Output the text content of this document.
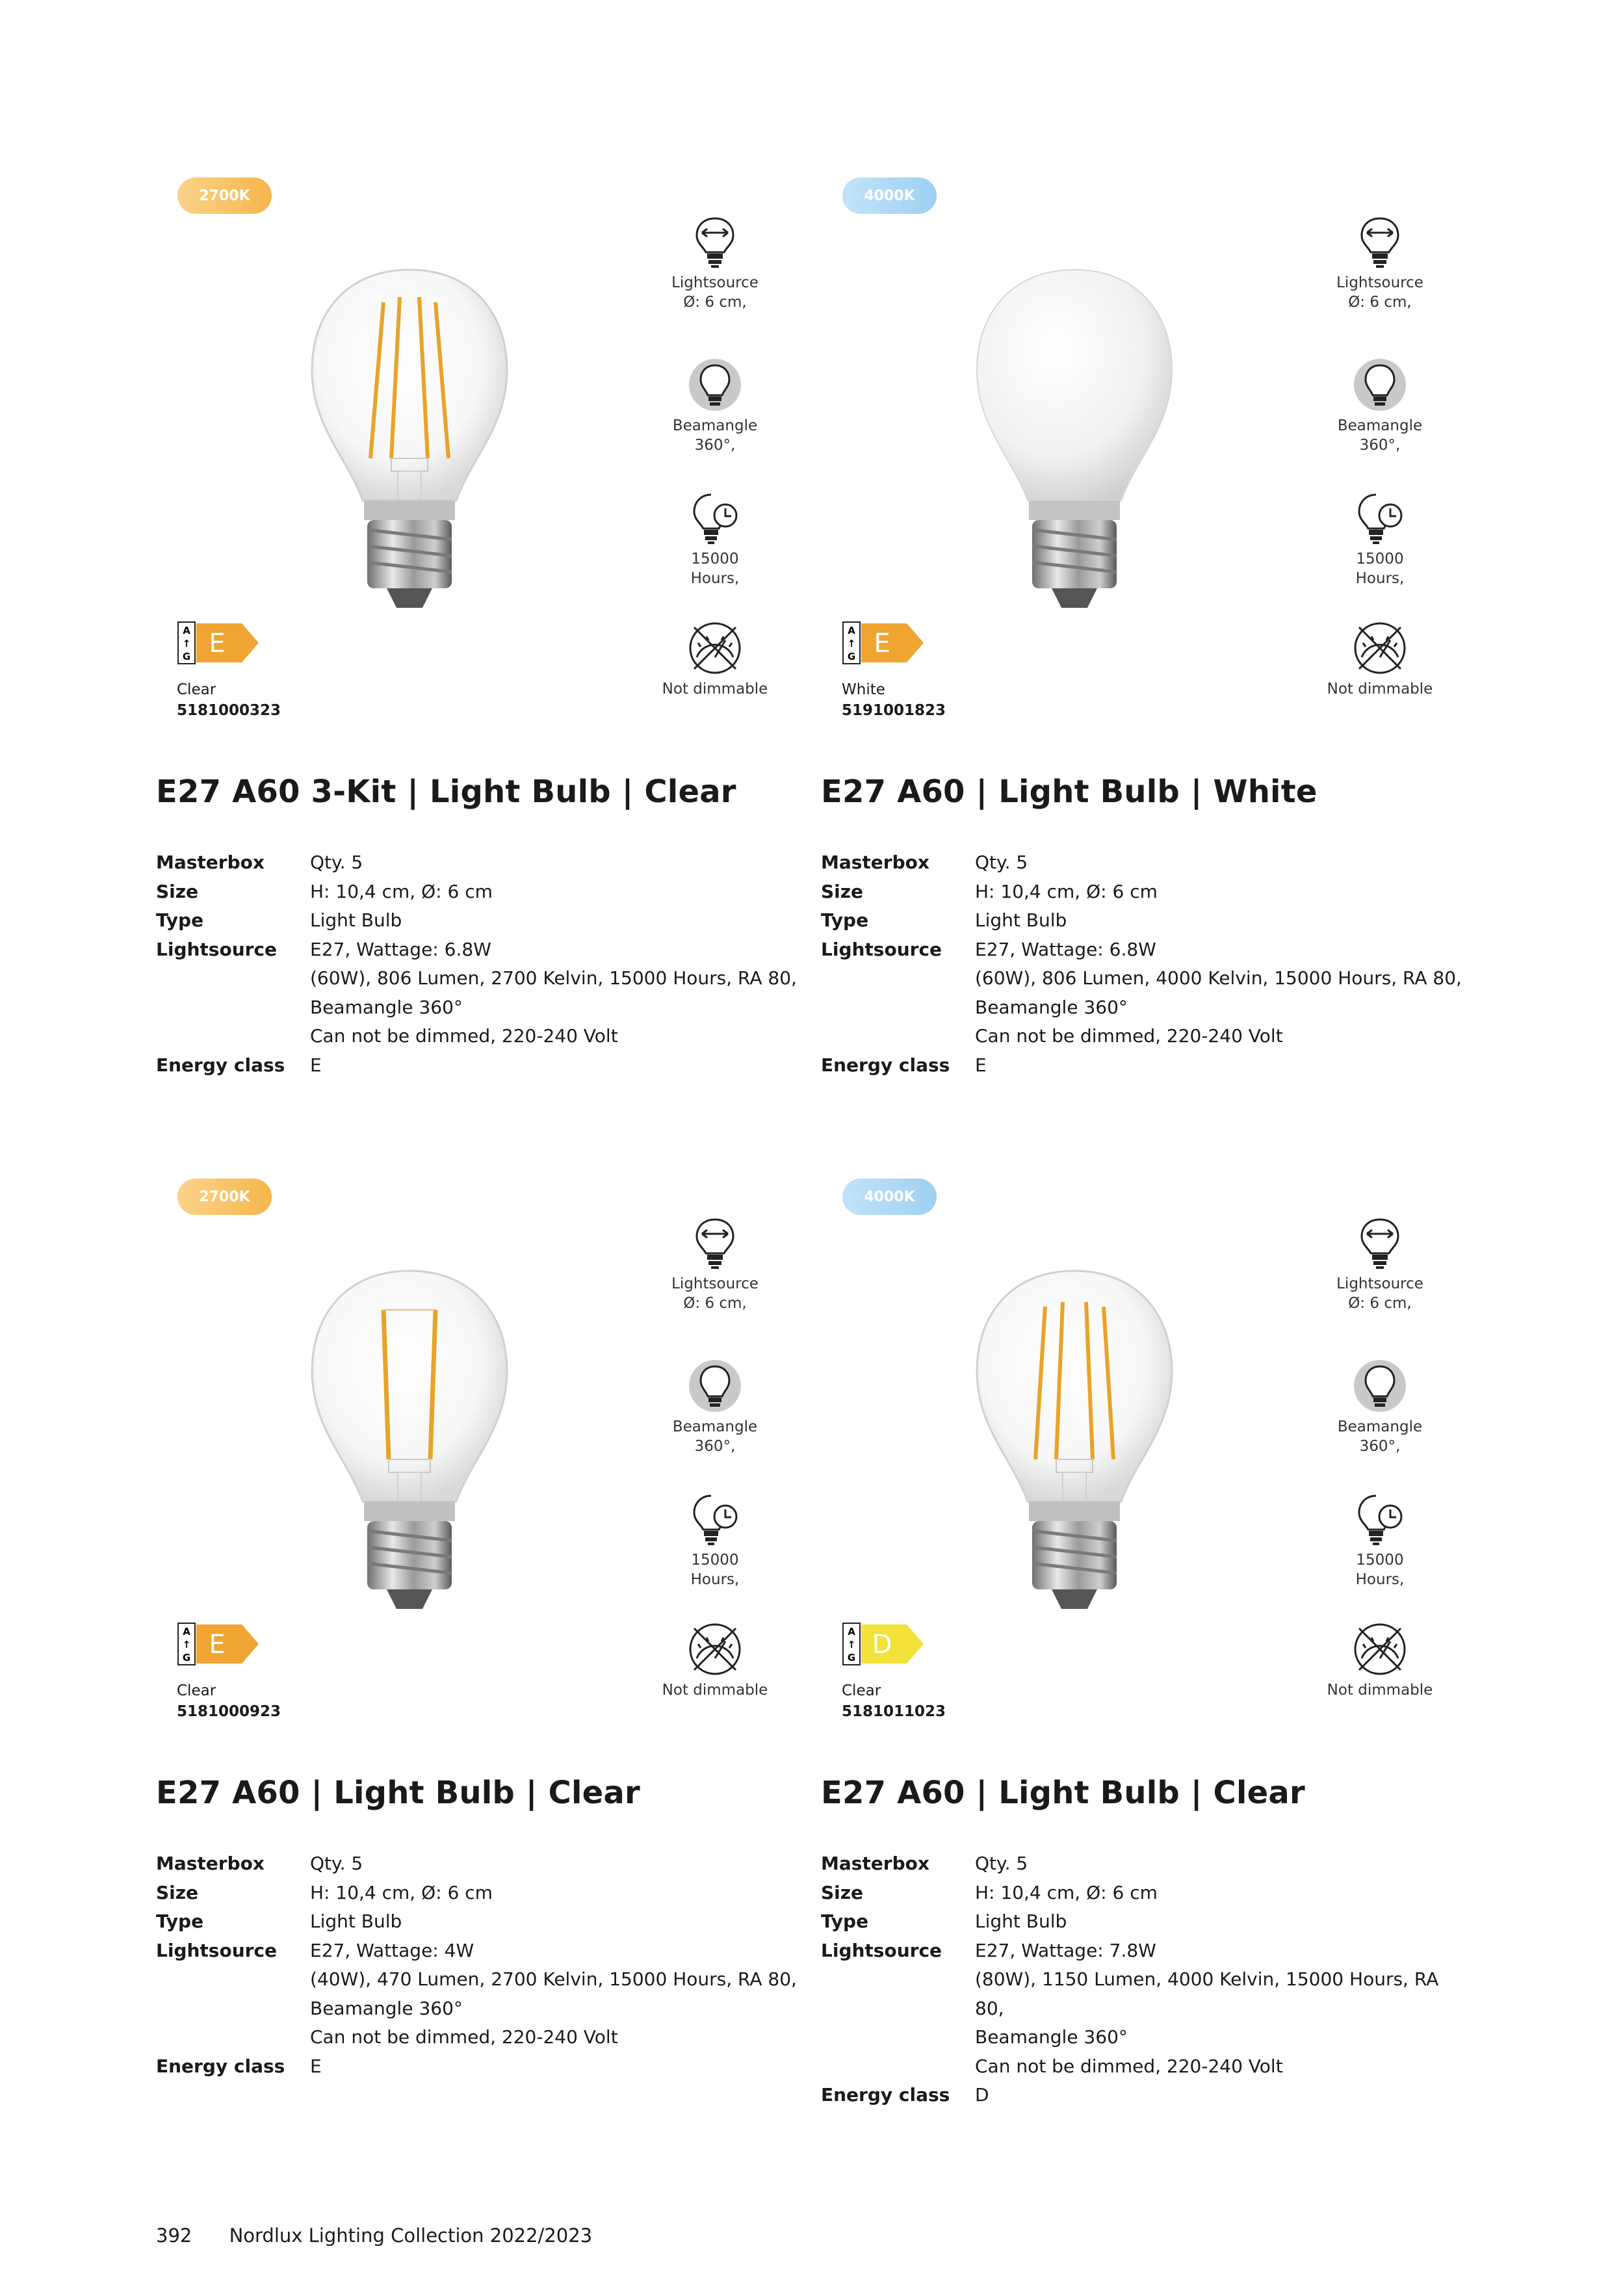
2700K
Lightsource
Ø: 6 cm,
Beamangle
360°,
15000
Hours,
Not dimmable
A
↑
G E
Clear
5181000323
E27 A60 3-Kit | Light Bulb | Clear
Masterbox	Qty. 5
Size	H: 10,4 cm, Ø: 6 cm
Type	Light Bulb
Lightsource	E27, Wattage: 6.8W
(60W), 806 Lumen, 2700 Kelvin, 15000 Hours, RA 80,
Beamangle 360°
Can not be dimmed, 220-240 Volt
Energy class	E
4000K
Lightsource
Ø: 6 cm,
Beamangle
360°,
15000
Hours,
Not dimmable
A
↑
G E
White
5191001823
E27 A60 | Light Bulb | White
Masterbox	Qty. 5
Size	H: 10,4 cm, Ø: 6 cm
Type	Light Bulb
Lightsource	E27, Wattage: 6.8W
(60W), 806 Lumen, 4000 Kelvin, 15000 Hours, RA 80,
Beamangle 360°
Can not be dimmed, 220-240 Volt
Energy class	E
2700K
Lightsource
Ø: 6 cm,
Beamangle
360°,
15000
Hours,
Not dimmable
A
↑
G E
Clear
5181000923
E27 A60 | Light Bulb | Clear
Masterbox	Qty. 5
Size	H: 10,4 cm, Ø: 6 cm
Type	Light Bulb
Lightsource	E27, Wattage: 4W
(40W), 470 Lumen, 2700 Kelvin, 15000 Hours, RA 80,
Beamangle 360°
Can not be dimmed, 220-240 Volt
Energy class	E
4000K
Lightsource
Ø: 6 cm,
Beamangle
360°,
15000
Hours,
Not dimmable
A
↑
G D
Clear
5181011023
E27 A60 | Light Bulb | Clear
Masterbox	Qty. 5
Size	H: 10,4 cm, Ø: 6 cm
Type	Light Bulb
Lightsource	E27, Wattage: 7.8W
(80W), 1150 Lumen, 4000 Kelvin, 15000 Hours, RA 80,
Beamangle 360°
Can not be dimmed, 220-240 Volt
Energy class	D
392 Nordlux Lighting Collection 2022/2023
